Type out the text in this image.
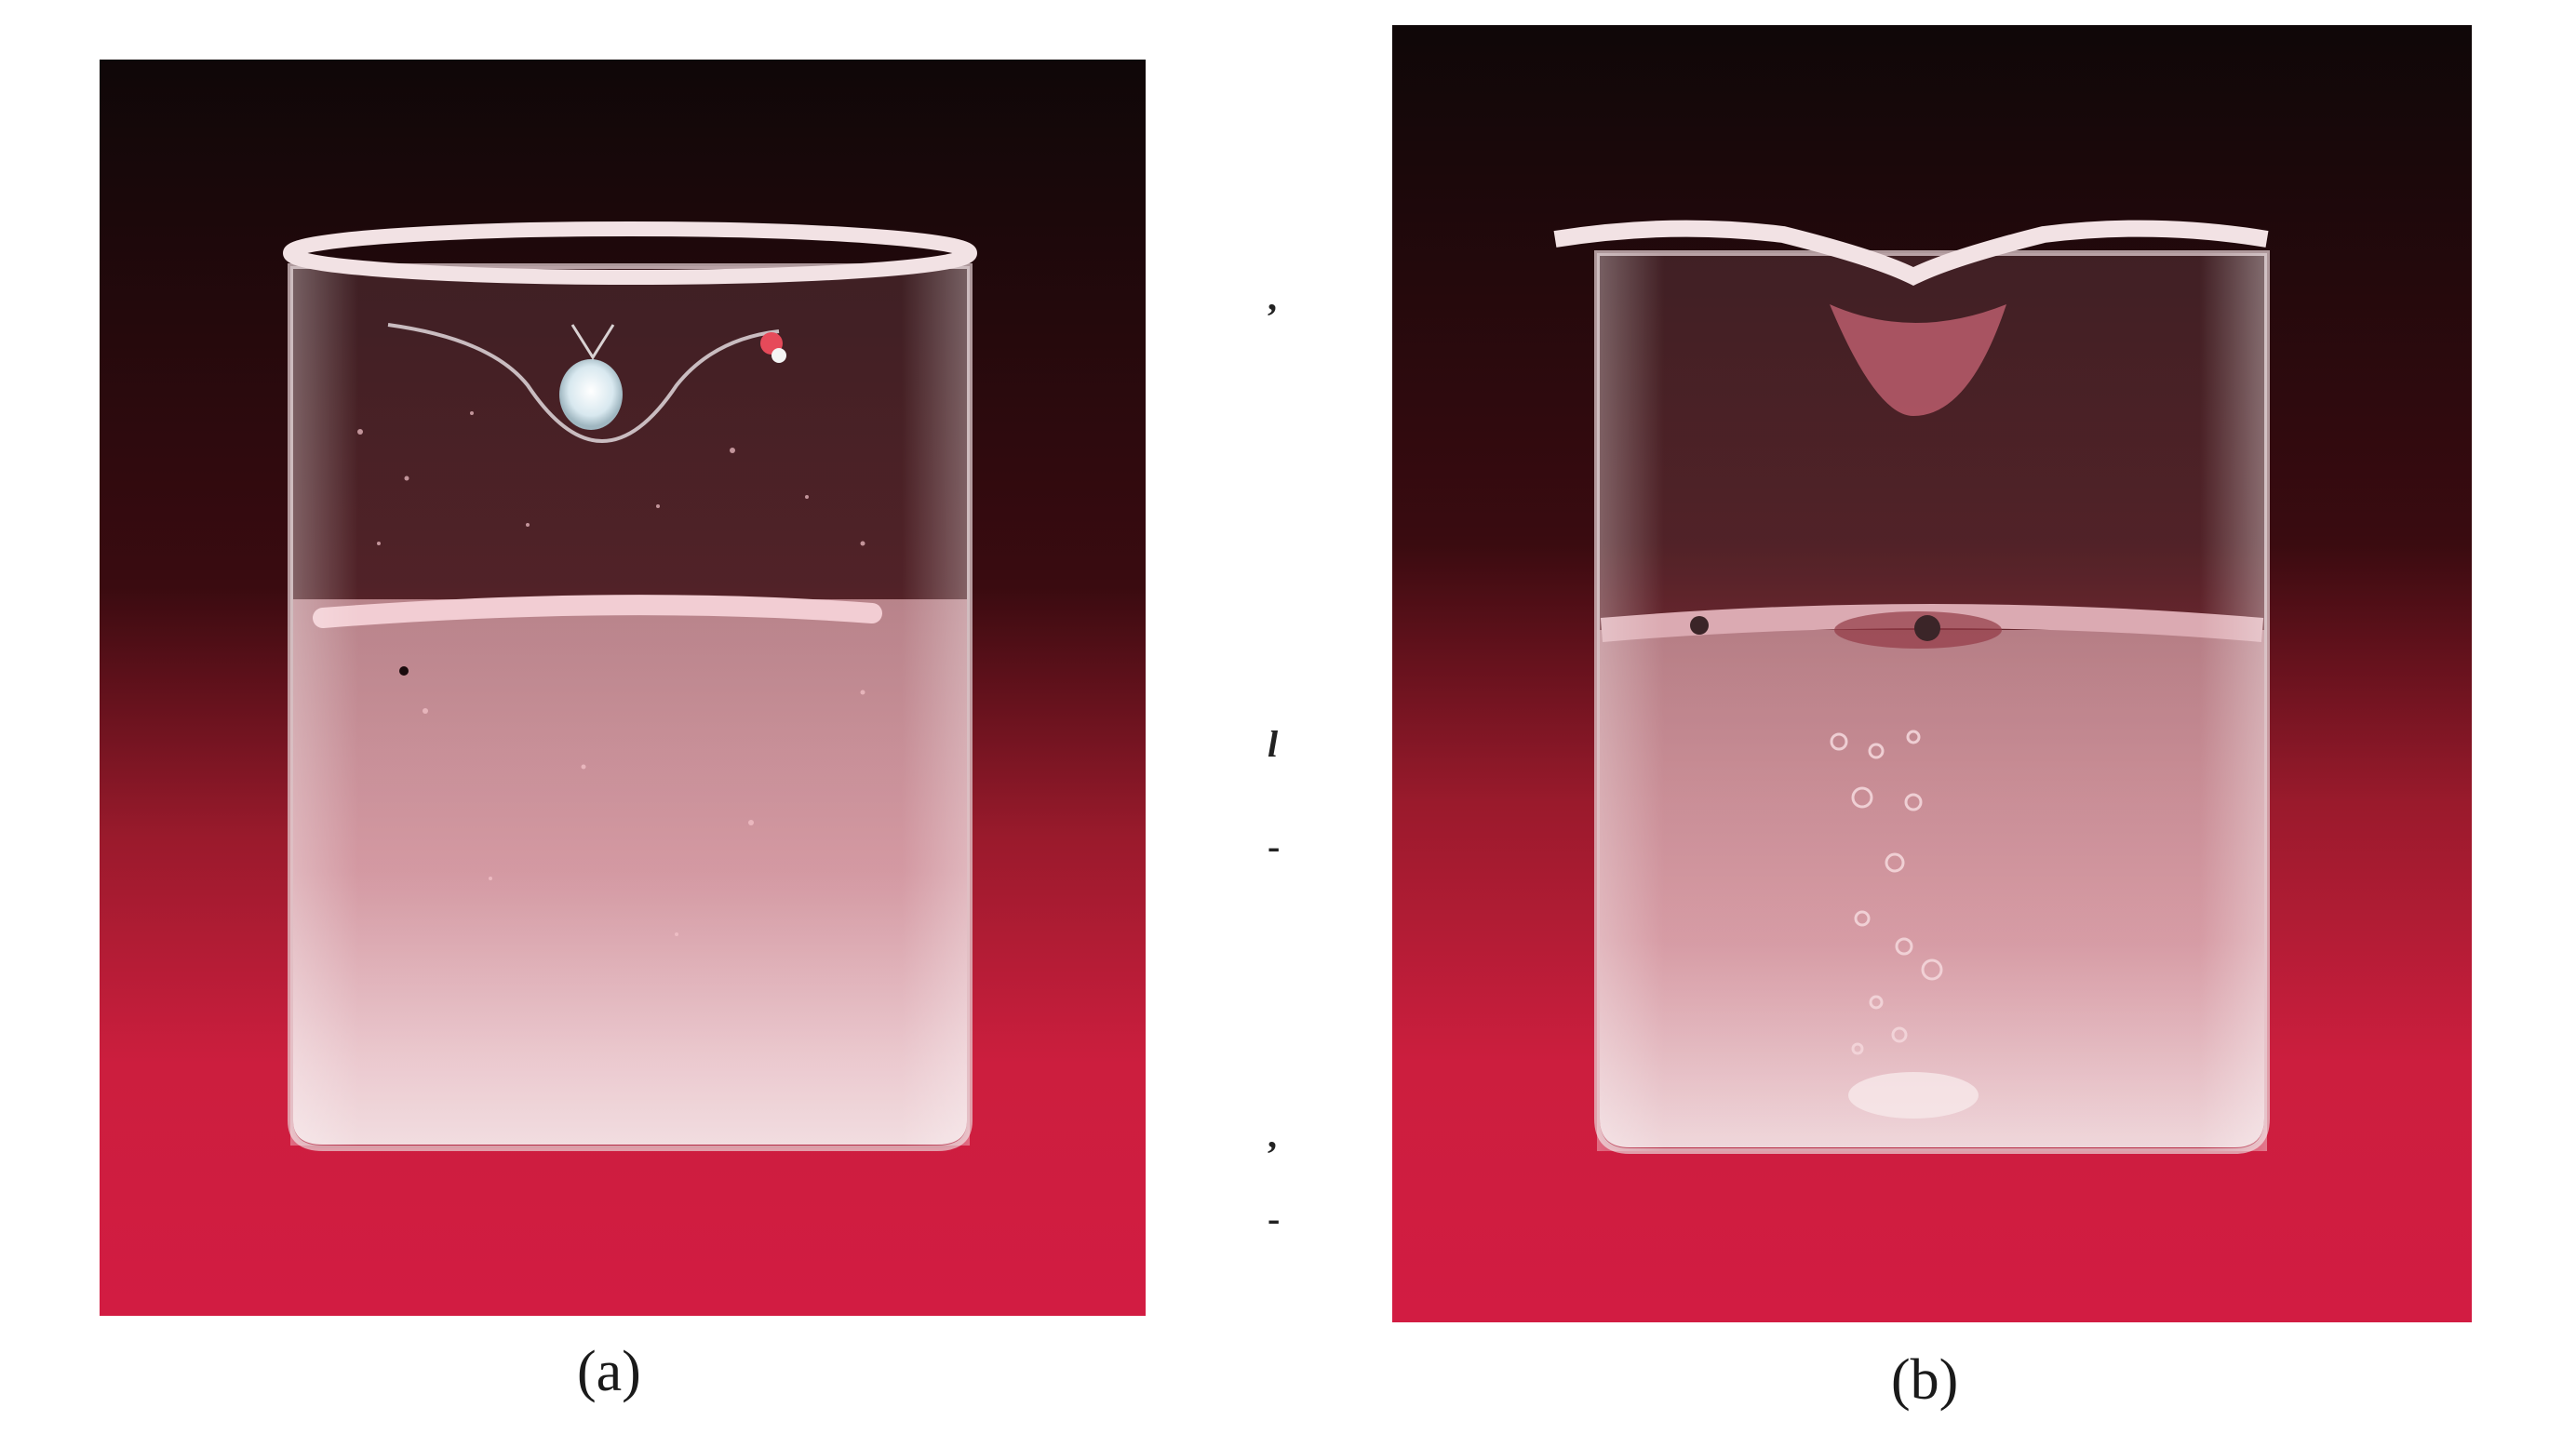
(a)	(b)
,
l
-
,
-
